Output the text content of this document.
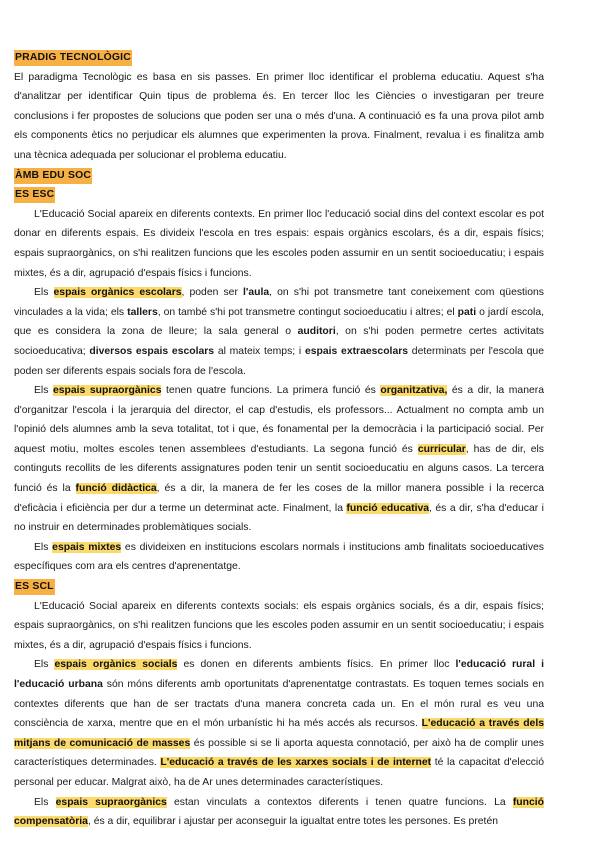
PRADIG TECNOLÒGIC

El paradigma Tecnològic es basa en sis passes. En primer lloc identificar el problema educatiu. Aquest s'ha d'analitzar per identificar Quin tipus de problema és. En tercer lloc les Ciències o investigaran per treure conclusions i fer propostes de solucions que poden ser una o més d'una. A continuació es fa una prova pilot amb els components ètics no perjudicar els alumnes que experimenten la prova. Finalment, revalua i es finalitza amb una tècnica adequada per solucionar el problema educatiu.

ÀMB EDU SOC
ES ESC

L'Educació Social apareix en diferents contexts. En primer lloc l'educació social dins del context escolar es pot donar en diferents espais. Es divideix l'escola en tres espais: espais orgànics escolars, és a dir, espais físics; espais supraorgànics, on s'hi realitzen funcions que les escoles poden assumir en un sentit socioeducatiu; i espais mixtes, és a dir, agrupació d'espais físics i funcions.

Els espais orgànics escolars, poden ser l'aula, on s'hi pot transmetre tant coneixement com qüestions vinculades a la vida; els tallers, on també s'hi pot transmetre contingut socioeducatiu i altres; el pati o jardí escola, que es considera la zona de lleure; la sala general o auditori, on s'hi poden permetre certes activitats socioeducativa; diversos espais escolars al mateix temps; i espais extraescolars determinats per l'escola que poden ser diferents espais socials fora de l'escola.

Els espais supraorgànics tenen quatre funcions. La primera funció és organitzativa, és a dir, la manera d'organitzar l'escola i la jerarquia del director, el cap d'estudis, els professors... Actualment no compta amb un l'opinió dels alumnes amb la seva totalitat, tot i que, és fonamental per la democràcia i la participació social. Per aquest motiu, moltes escoles tenen assemblees d'estudiants. La segona funció és curricular, has de dir, els continguts recollits de les diferents assignatures poden tenir un sentit socioeducatiu en alguns casos. La tercera funció és la funció didàctica, és a dir, la manera de fer les coses de la millor manera possible i la recerca d'eficàcia i eficiència per dur a terme un determinat acte. Finalment, la funció educativa, és a dir, s'ha d'educar i no instruir en determinades problemàtiques socials.

Els espais mixtes es divideixen en institucions escolars normals i institucions amb finalitats socioeducatives específiques com ara els centres d'aprenentatge.

ES SCL

L'Educació Social apareix en diferents contexts socials: els espais orgànics socials, és a dir, espais físics; espais supraorgànics, on s'hi realitzen funcions que les escoles poden assumir en un sentit socioeducatiu; i espais mixtes, és a dir, agrupació d'espais físics i funcions.

Els espais orgànics socials es donen en diferents ambients físics. En primer lloc l'educació rural i l'educació urbana són móns diferents amb oportunitats d'aprenentatge contrastats. Es toquen temes socials en contextes diferents que han de ser tractats d'una manera concreta cada un. En el món rural es veu una consciència de xarxa, mentre que en el món urbanístic hi ha més accés als recursos. L'educació a través dels mitjans de comunicació de masses és possible si se li aporta aquesta connotació, per això ha de complir unes característiques determinades. L'educació a través de les xarxes socials i de internet té la capacitat d'elecció personal per educar. Malgrat això, ha de Ar unes determinades característiques.

Els espais supraorgànics estan vinculats a contextos diferents i tenen quatre funcions. La funció compensatòria, és a dir, equilibrar i ajustar per aconseguir la igualtat entre totes les persones. Es pretén
